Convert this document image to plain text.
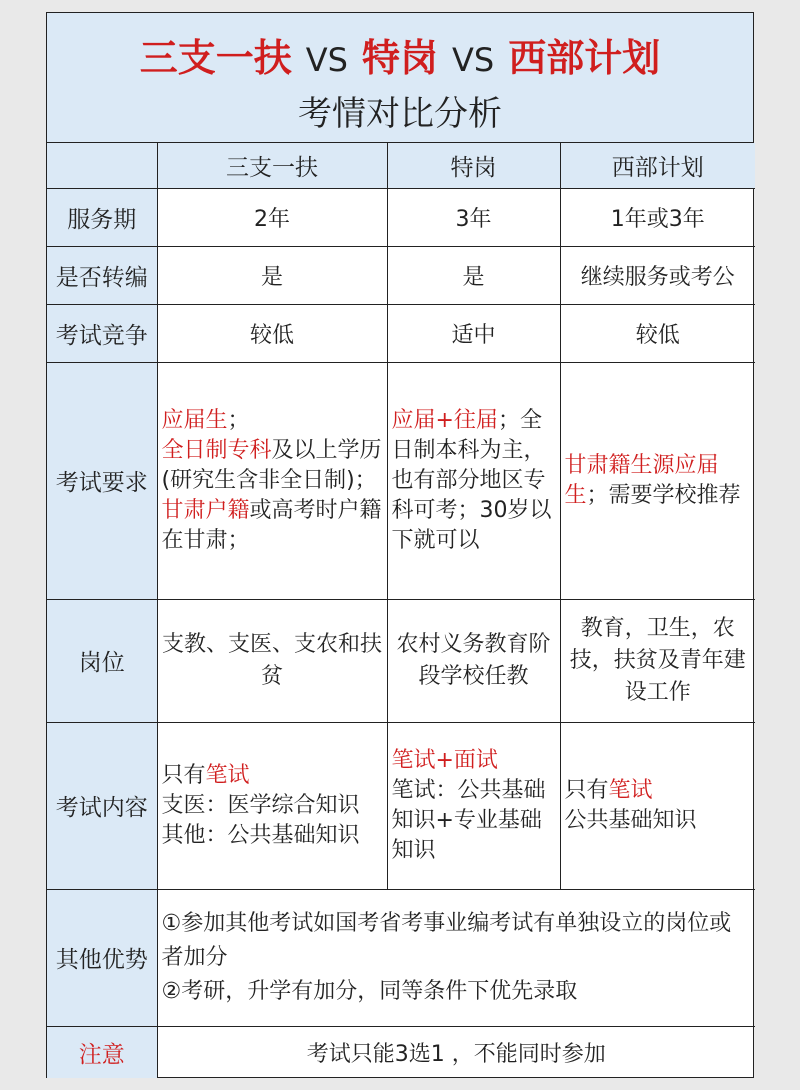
三支一扶 VS 特岗 VS 西部计划
考情对比分析
	三支一扶	特岗	西部计划
服务期	2年	3年	1年或3年
是否转编	是	是	继续服务或考公
考试竞争	较低	适中	较低
考试要求	应届生；
全日制专科及以上学历(研究生含非全日制)；
甘肃户籍或高考时户籍在甘肃；	应届+往届；全日制本科为主，也有部分地区专科可考；30岁以下就可以	甘肃籍生源应届生；需要学校推荐
岗位	支教、支医、支农和扶贫	农村义务教育阶段学校任教	教育，卫生，农技，扶贫及青年建设工作
考试内容	只有笔试
支医：医学综合知识
其他：公共基础知识	笔试+面试
笔试：公共基础知识+专业基础知识	只有笔试
公共基础知识
其他优势	①参加其他考试如国考省考事业编考试有单独设立的岗位或者加分
②考研，升学有加分，同等条件下优先录取		

注意	考试只能3选1 ，不能同时参加		
